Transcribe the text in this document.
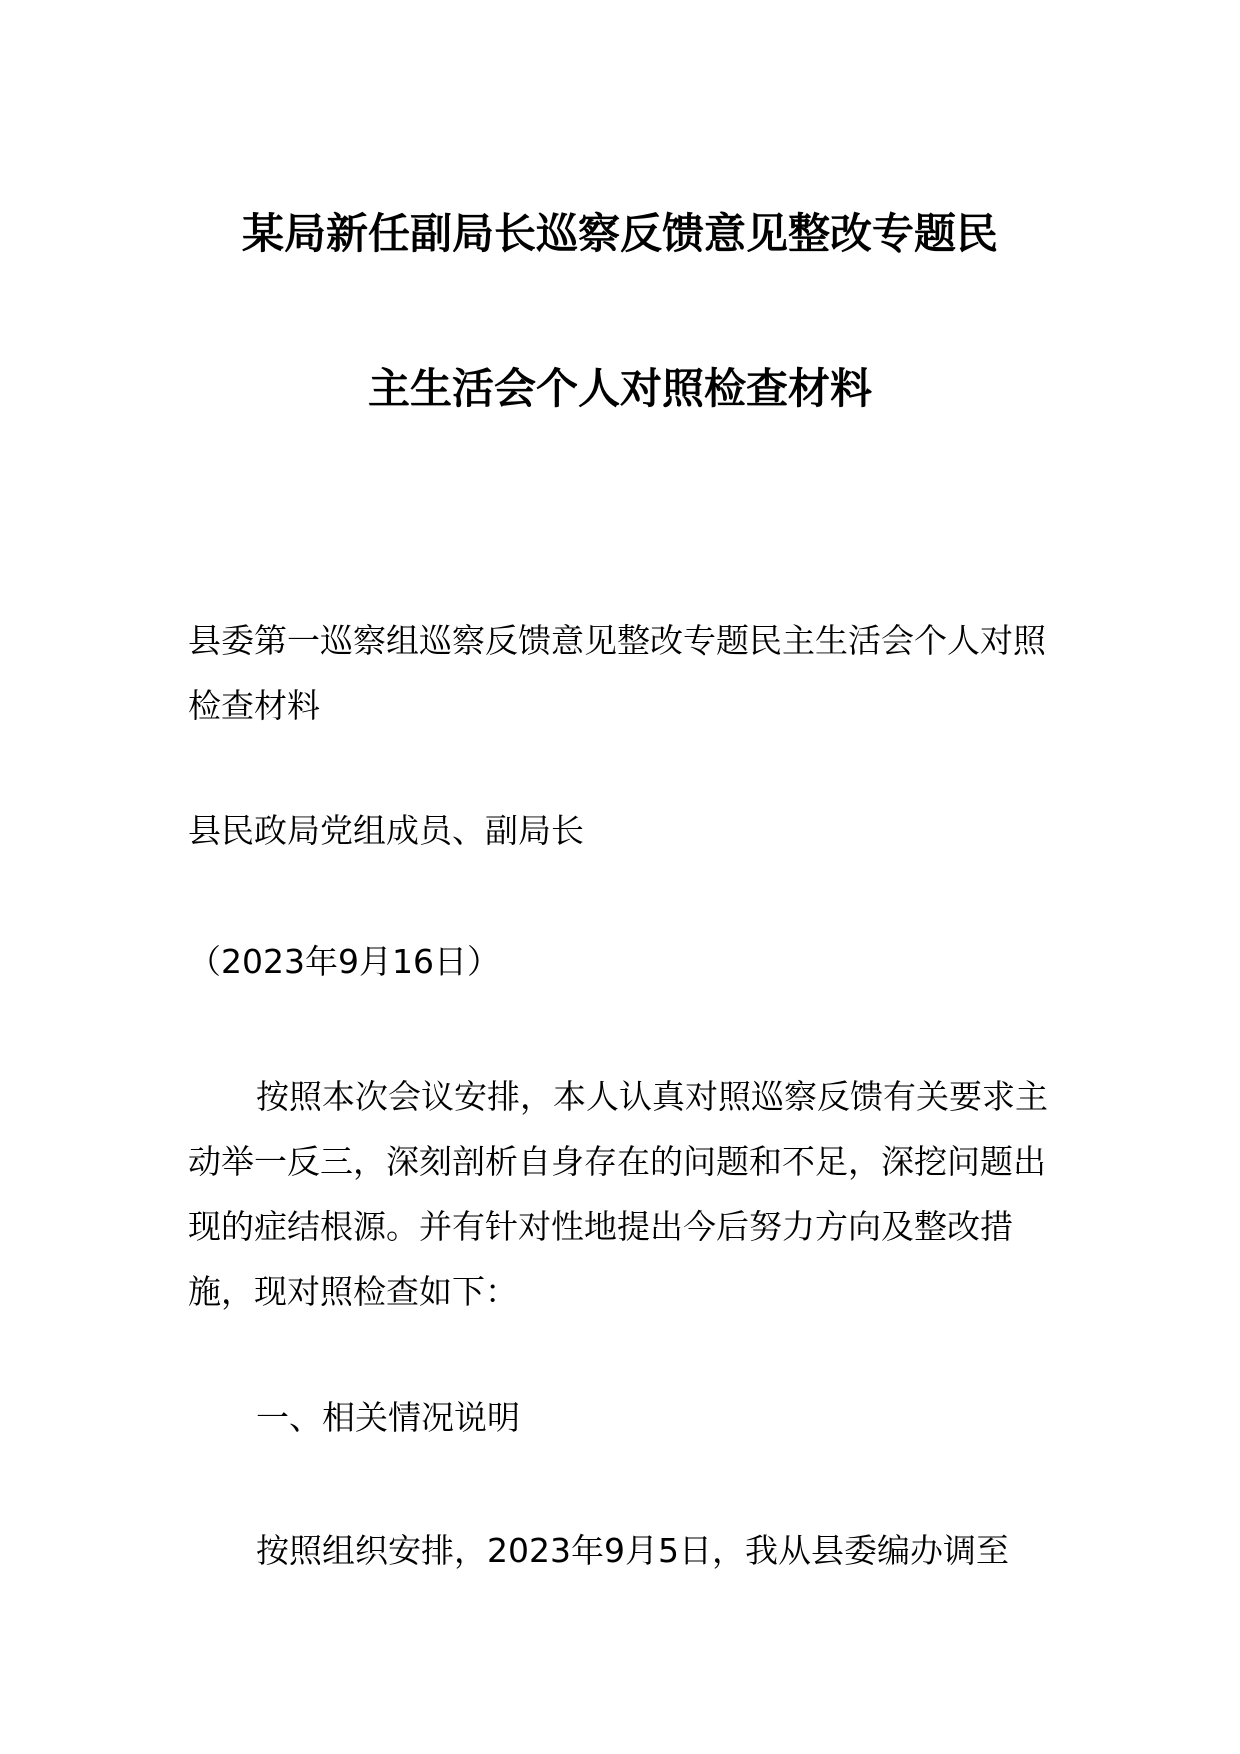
某局新任副局长巡察反馈意见整改专题民
主生活会个人对照检查材料

县委第一巡察组巡察反馈意见整改专题民主生活会个人对照检查材料

县民政局党组成员、副局长

（2023年9月16日）

按照本次会议安排，本人认真对照巡察反馈有关要求主动举一反三，深刻剖析自身存在的问题和不足，深挖问题出现的症结根源。并有针对性地提出今后努力方向及整改措施，现对照检查如下：

一、相关情况说明

按照组织安排，2023年9月5日，我从县委编办调至
